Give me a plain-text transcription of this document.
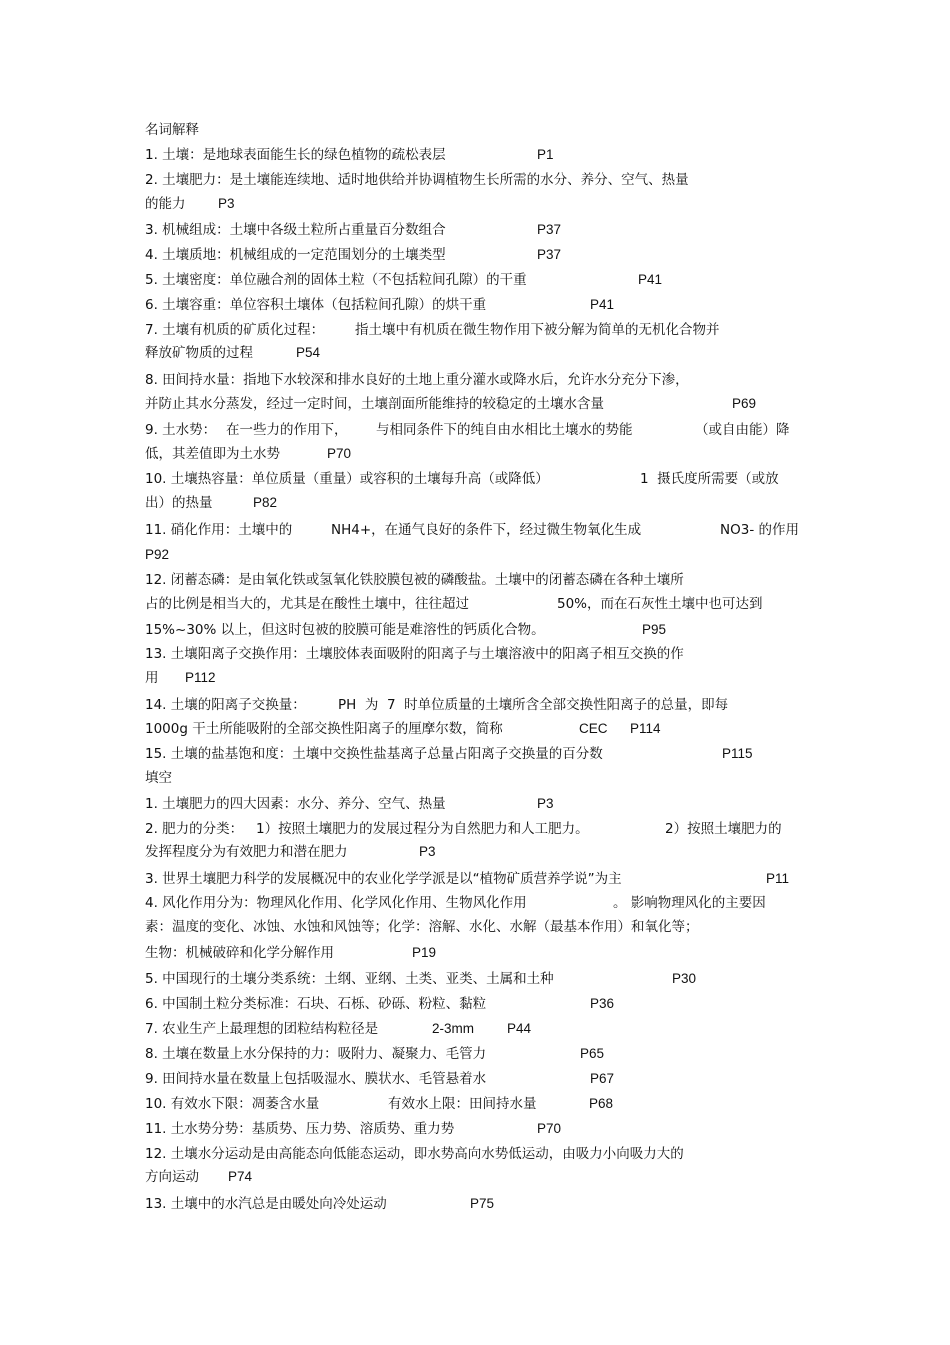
名词解释
1. 土壤：是地球表面能生长的绿色植物的疏松表层	P1
2. 土壤肥力：是土壤能连续地、适时地供给并协调植物生长所需的水分、养分、空气、热量
的能力 P3
3. 机械组成：土壤中各级土粒所占重量百分数组合	P37
4. 土壤质地：机械组成的一定范围划分的土壤类型	P37
5. 土壤密度：单位融合剂的固体土粒（不包括粒间孔隙）的干重	P41
6. 土壤容重：单位容积土壤体（包括粒间孔隙）的烘干重	P41
7. 土壤有机质的矿质化过程： 指土壤中有机质在微生物作用下被分解为简单的无机化合物并
释放矿物质的过程	P54
8. 田间持水量：指地下水较深和排水良好的土地上重分灌水或降水后，允许水分充分下渗，
并防止其水分蒸发，经过一定时间，土壤剖面所能维持的较稳定的土壤水含量	P69
9. 土水势： 在一些力的作用下， 与相同条件下的纯自由水相比土壤水的势能	（或自由能）降
低，其差值即为土水势	P70
10. 土壤热容量：单位质量（重量）或容积的土壤每升高（或降低）	1  摄氏度所需要（或放
出）的热量	P82
11. 硝化作用：土壤中的	NH4+，在通气良好的条件下，经过微生物氧化生成	NO3- 的作用
P92
12. 闭蓄态磷：是由氧化铁或氢氧化铁胶膜包被的磷酸盐。土壤中的闭蓄态磷在各种土壤所
占的比例是相当大的，尤其是在酸性土壤中，往往超过	50%，而在石灰性土壤中也可达到
15%~30% 以上，但这时包被的胶膜可能是难溶性的钙质化合物。	P95
13. 土壤阳离子交换作用：土壤胶体表面吸附的阳离子与土壤溶液中的阳离子相互交换的作
用 P112
14. 土壤的阳离子交换量： PH  为  7  时单位质量的土壤所含全部交换性阳离子的总量，即每
1000g 干土所能吸附的全部交换性阳离子的厘摩尔数，简称	CEC P114
15. 土壤的盐基饱和度：土壤中交换性盐基离子总量占阳离子交换量的百分数	P115
填空
1. 土壤肥力的四大因素：水分、养分、空气、热量	P3
2. 肥力的分类： 1）按照土壤肥力的发展过程分为自然肥力和人工肥力。	2）按照土壤肥力的
发挥程度分为有效肥力和潜在肥力	P3
3. 世界土壤肥力科学的发展概况中的农业化学学派是以“植物矿质营养学说”为主	P11
4. 风化作用分为：物理风化作用、化学风化作用、生物风化作用	。 影响物理风化的主要因
素：温度的变化、冰蚀、水蚀和风蚀等；化学：溶解、水化、水解（最基本作用）和氧化等；
生物：机械破碎和化学分解作用	P19
5. 中国现行的土壤分类系统：土纲、亚纲、土类、亚类、土属和土种	P30
6. 中国制土粒分类标准：石块、石栎、砂砾、粉粒、黏粒	P36
7. 农业生产上最理想的团粒结构粒径是	2-3mm P44
8. 土壤在数量上水分保持的力：吸附力、凝聚力、毛管力	P65
9. 田间持水量在数量上包括吸湿水、膜状水、毛管悬着水	P67
10. 有效水下限：凋萎含水量	有效水上限：田间持水量	P68
11. 土水势分势：基质势、压力势、溶质势、重力势	P70
12. 土壤水分运动是由高能态向低能态运动，即水势高向水势低运动，由吸力小向吸力大的
方向运动 P74
13. 土壤中的水汽总是由暖处向冷处运动	P75
